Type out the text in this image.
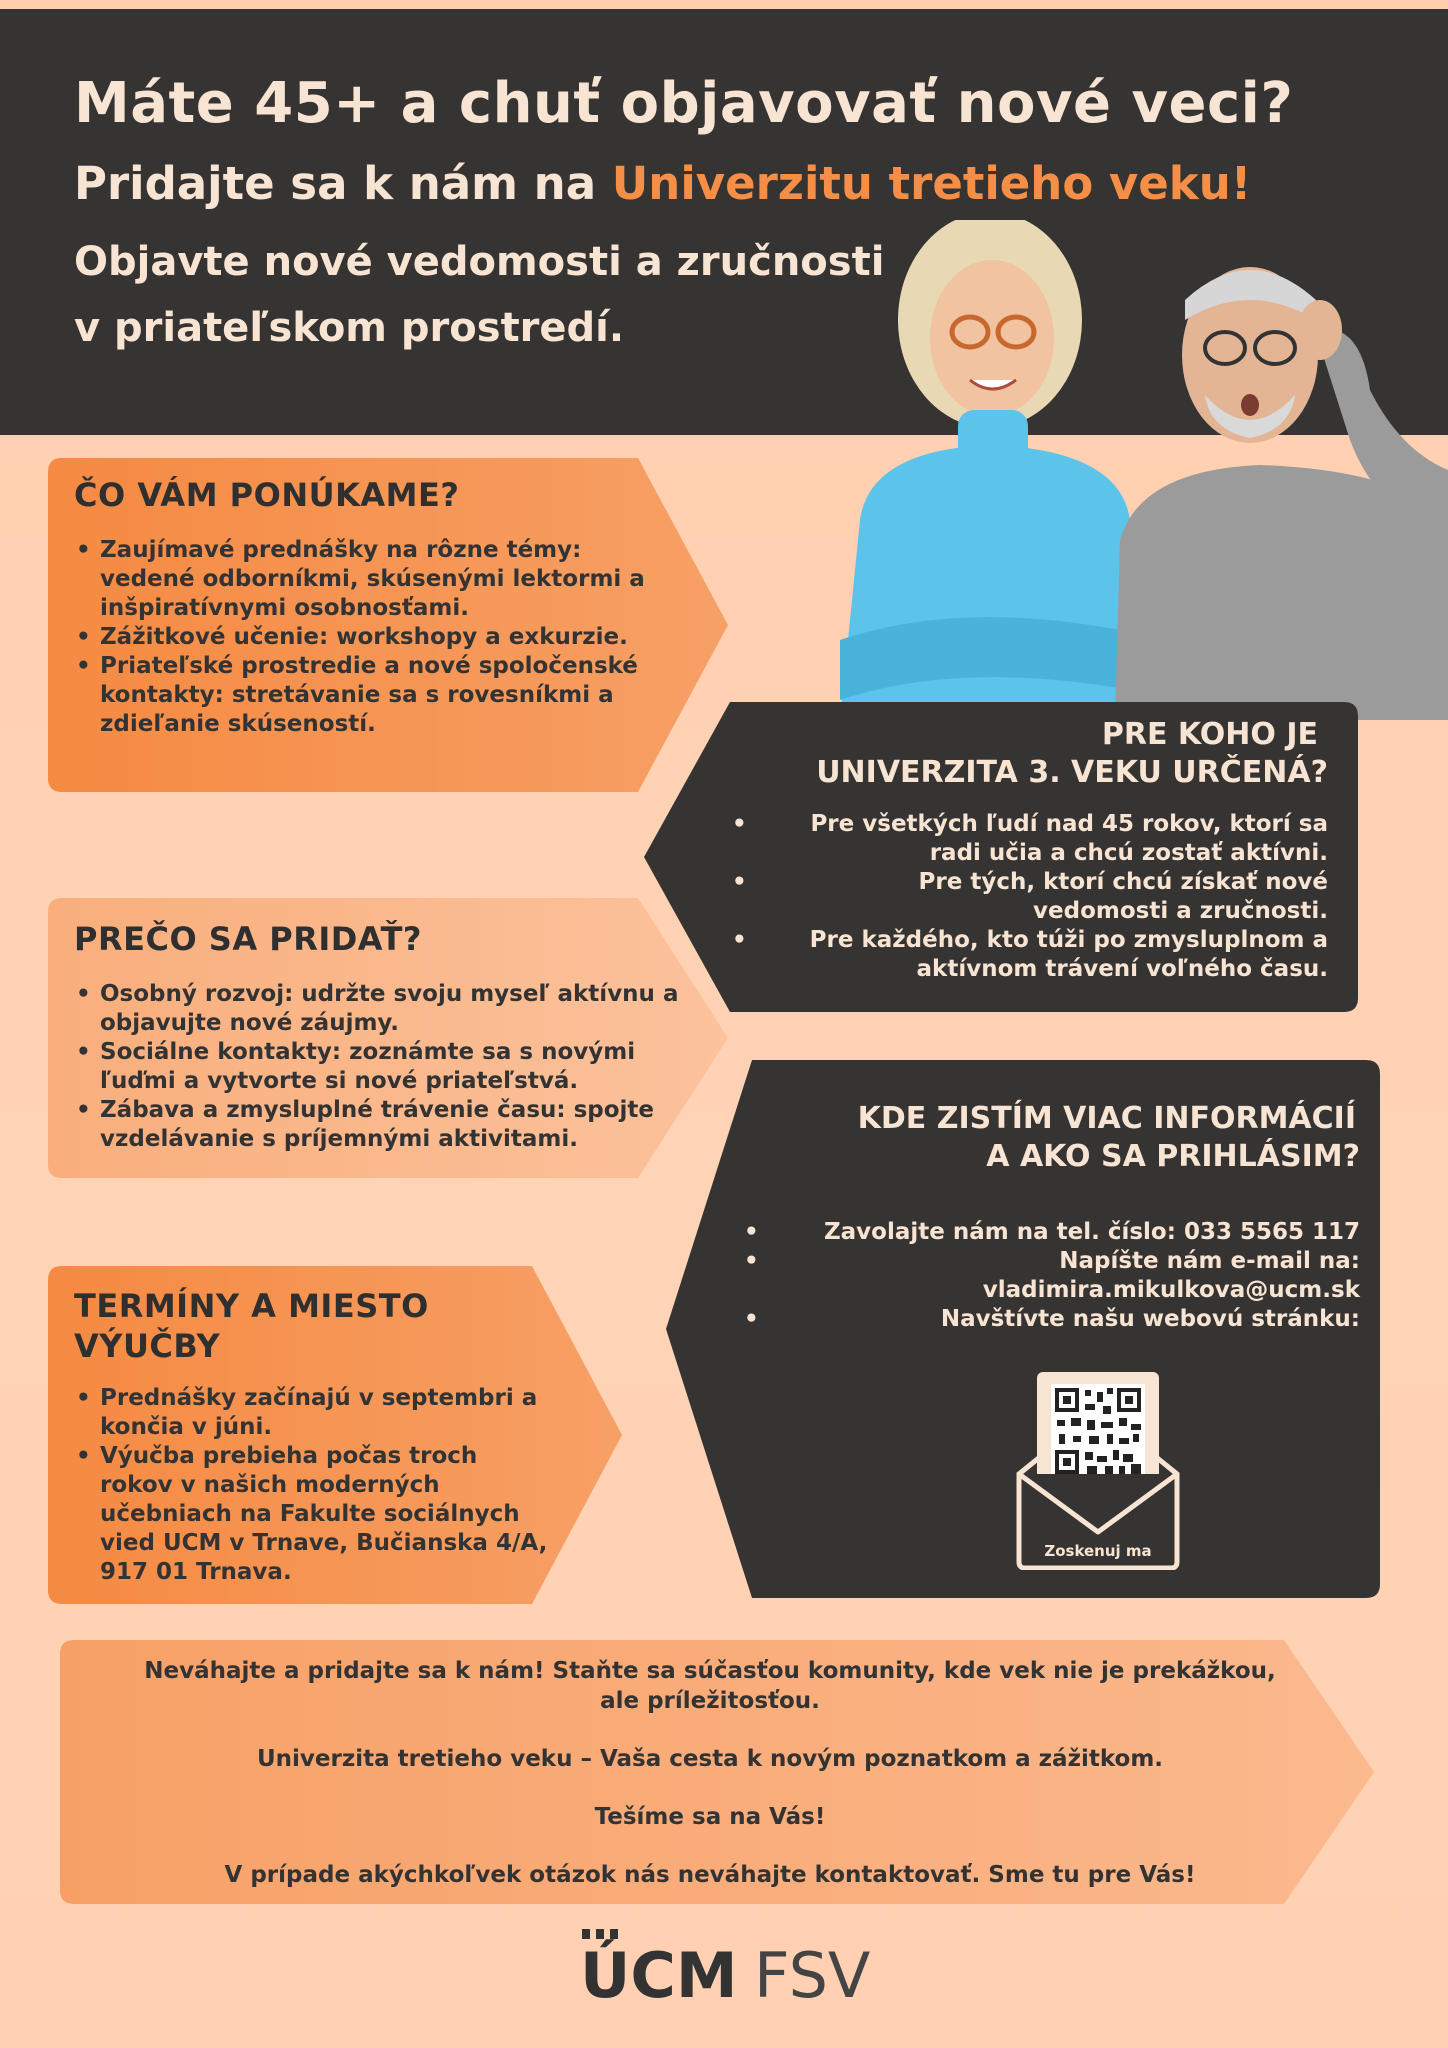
Máte 45+ a chuť objavovať nové veci?
Pridajte sa k nám na Univerzitu tretieho veku!
Objavte nové vedomosti a zručnosti
v priateľskom prostredí.
ČO VÁM PONÚKAME?
• Zaujímavé prednášky na rôzne témy: vedené odborníkmi, skúsenými lektormi a inšpiratívnymi osobnosťami.
• Zážitkové učenie: workshopy a exkurzie.
• Priateľské prostredie a nové spoločenské kontakty: stretávanie sa s rovesníkmi a zdieľanie skúseností.
PREČO SA PRIDAŤ?
• Osobný rozvoj: udržte svoju myseľ aktívnu a objavujte nové záujmy.
• Sociálne kontakty: zoznámte sa s novými ľuďmi a vytvorte si nové priateľstvá.
• Zábava a zmysluplné trávenie času: spojte vzdelávanie s príjemnými aktivitami.
TERMÍNY A MIESTO
VÝUČBY
• Prednášky začínajú v septembri a končia v júni.
• Výučba prebieha počas troch rokov v našich moderných učebniach na Fakulte sociálnych vied UCM v Trnave, Bučianska 4/A, 917 01 Trnava.
PRE KOHO JE
UNIVERZITA 3. VEKU URČENÁ?
• Pre všetkých ľudí nad 45 rokov, ktorí sa radi učia a chcú zostať aktívni.
• Pre tých, ktorí chcú získať nové vedomosti a zručnosti.
• Pre každého, kto túži po zmysluplnom a aktívnom trávení voľného času.
KDE ZISTÍM VIAC INFORMÁCIÍ
A AKO SA PRIHLÁSIM?
• Zavolajte nám na tel. číslo: 033 5565 117
• Napíšte nám e-mail na:
vladimira.mikulkova@ucm.sk
• Navštívte našu webovú stránku:
Zoskenuj ma

Neváhajte a pridajte sa k nám! Staňte sa súčasťou komunity, kde vek nie je prekážkou,

ale príležitosťou.

Univerzita tretieho veku – Vaša cesta k novým poznatkom a zážitkom.

Tešíme sa na Vás!

V prípade akýchkoľvek otázok nás neváhajte kontaktovať. Sme tu pre Vás!

ÚCM FSV
